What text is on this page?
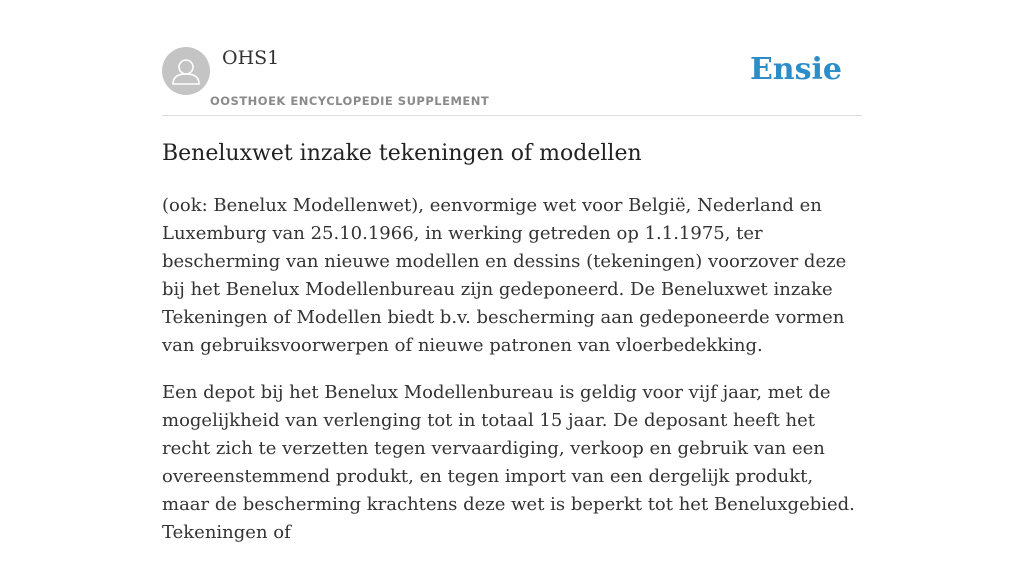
OHS1
OOSTHOEK ENCYCLOPEDIE SUPPLEMENT
Ensie
Beneluxwet inzake tekeningen of modellen

(ook: Benelux Modellenwet), eenvormige wet voor België, Nederland en Luxemburg van 25.10.1966, in werking getreden op 1.1.1975, ter bescherming van nieuwe modellen en dessins (tekeningen) voorzover deze bij het Benelux Modellenbureau zijn gedeponeerd. De Beneluxwet inzake Tekeningen of Modellen biedt b.v. bescherming aan gedeponeerde vormen van gebruiksvoorwerpen of nieuwe patronen van vloerbedekking.

Een depot bij het Benelux Modellenbureau is geldig voor vijf jaar, met de mogelijkheid van verlenging tot in totaal 15 jaar. De deposant heeft het recht zich te verzetten tegen vervaardiging, verkoop en gebruik van een overeenstemmend produkt, en tegen import van een dergelijk produkt, maar de bescherming krachtens deze wet is beperkt tot het Beneluxgebied. Tekeningen of
